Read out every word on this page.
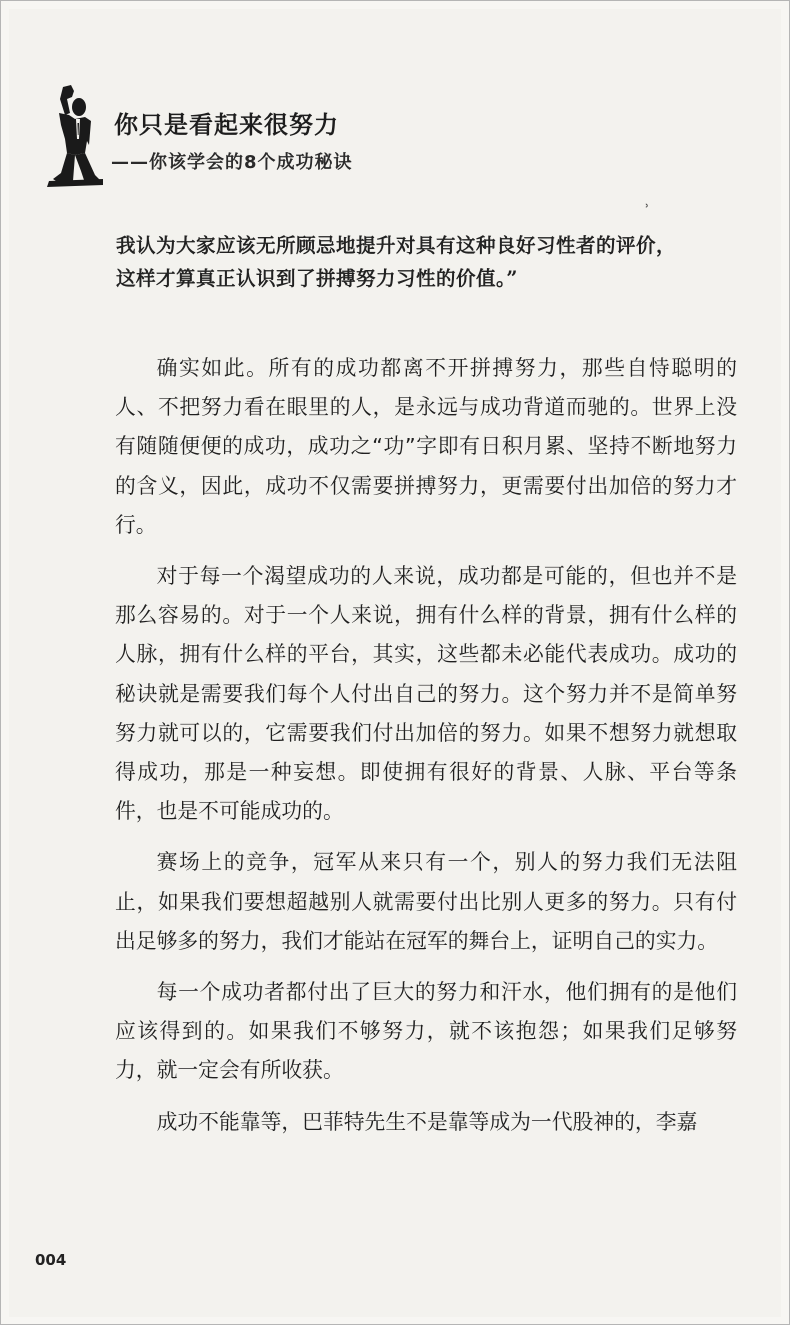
你只是看起来很努力
——你该学会的8个成功秘诀
˒

我认为大家应该无所顾忌地提升对具有这种良好习性者的评价，

这样才算真正认识到了拼搏努力习性的价值。”

确实如此。所有的成功都离不开拼搏努力，那些自恃聪明的人、不把努力看在眼里的人，是永远与成功背道而驰的。世界上没有随随便便的成功，成功之“功”字即有日积月累、坚持不断地努力的含义，因此，成功不仅需要拼搏努力，更需要付出加倍的努力才行。

对于每一个渴望成功的人来说，成功都是可能的，但也并不是那么容易的。对于一个人来说，拥有什么样的背景，拥有什么样的人脉，拥有什么样的平台，其实，这些都未必能代表成功。成功的秘诀就是需要我们每个人付出自己的努力。这个努力并不是简单努努力就可以的，它需要我们付出加倍的努力。如果不想努力就想取得成功，那是一种妄想。即使拥有很好的背景、人脉、平台等条件，也是不可能成功的。

赛场上的竞争，冠军从来只有一个，别人的努力我们无法阻止，如果我们要想超越别人就需要付出比别人更多的努力。只有付出足够多的努力，我们才能站在冠军的舞台上，证明自己的实力。

每一个成功者都付出了巨大的努力和汗水，他们拥有的是他们应该得到的。如果我们不够努力，就不该抱怨；如果我们足够努力，就一定会有所收获。

成功不能靠等，巴菲特先生不是靠等成为一代股神的，李嘉

004
